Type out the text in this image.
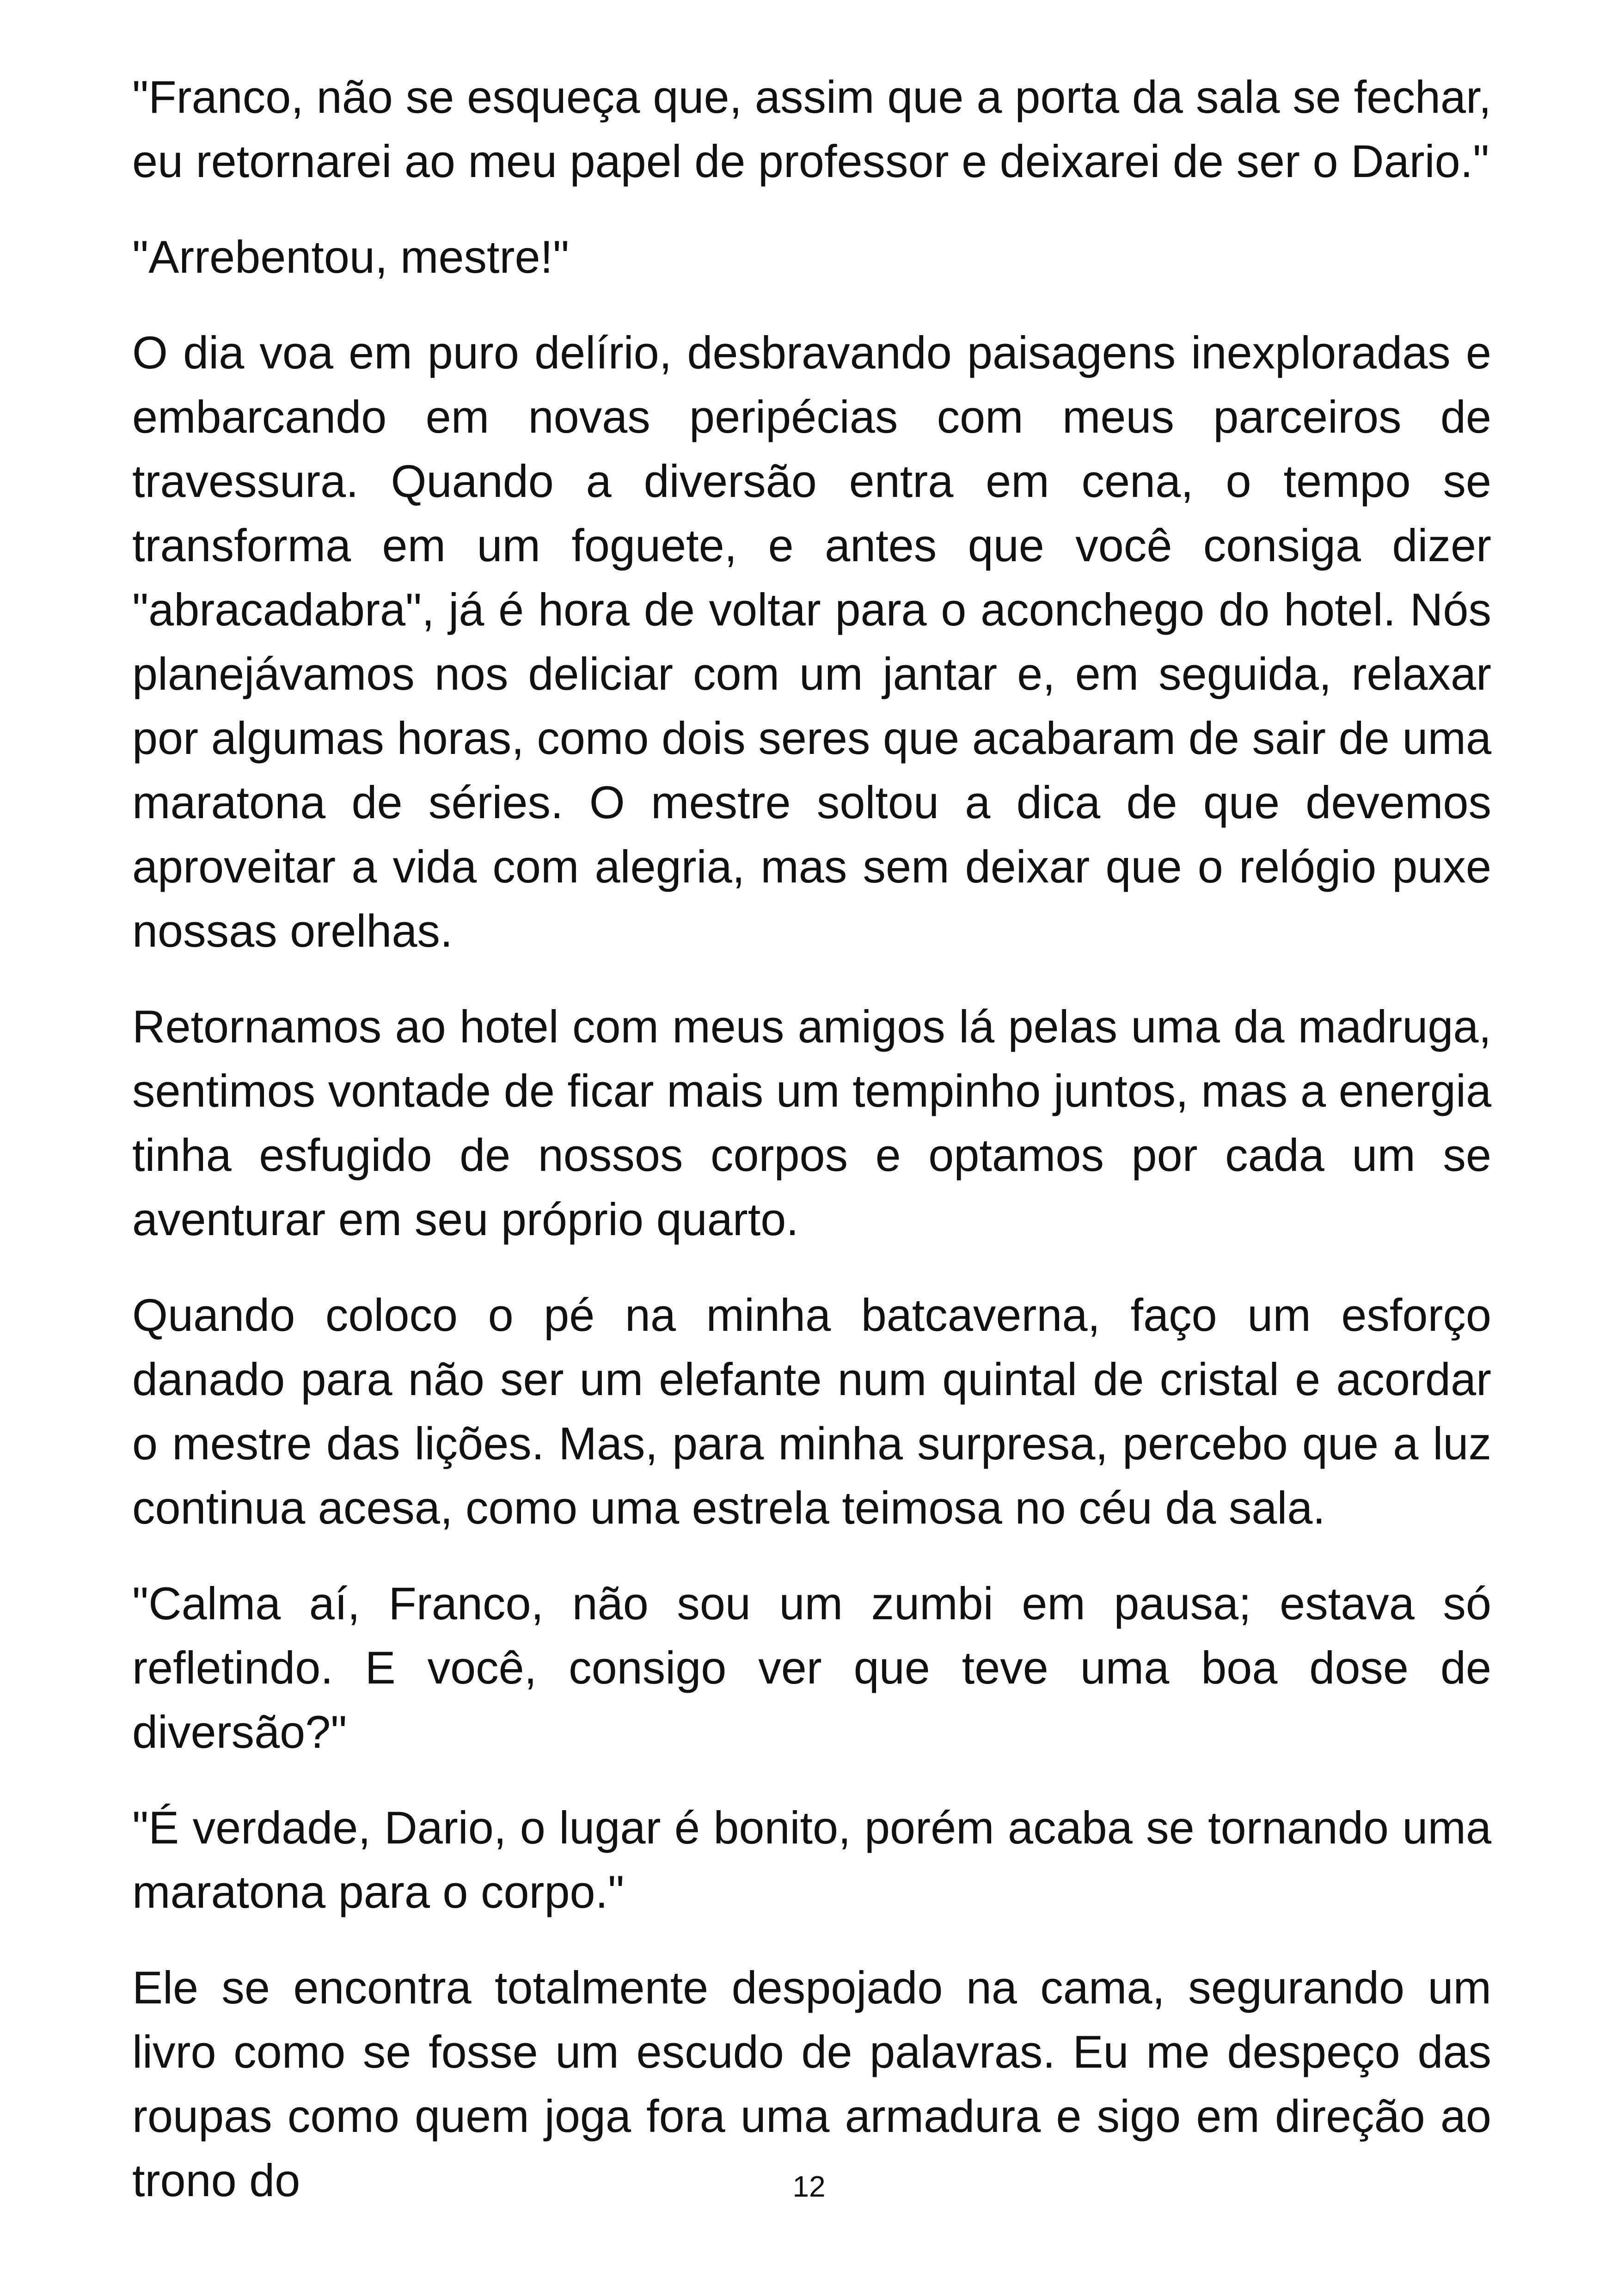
"Franco, não se esqueça que, assim que a porta da sala se fechar, eu retornarei ao meu papel de professor e deixarei de ser o Dario."

"Arrebentou, mestre!"

O dia voa em puro delírio, desbravando paisagens inexploradas e embarcando em novas peripécias com meus parceiros de travessura. Quando a diversão entra em cena, o tempo se transforma em um foguete, e antes que você consiga dizer "abracadabra", já é hora de voltar para o aconchego do hotel. Nós planejávamos nos deliciar com um jantar e, em seguida, relaxar por algumas horas, como dois seres que acabaram de sair de uma maratona de séries. O mestre soltou a dica de que devemos aproveitar a vida com alegria, mas sem deixar que o relógio puxe nossas orelhas.

Retornamos ao hotel com meus amigos lá pelas uma da madruga, sentimos vontade de ficar mais um tempinho juntos, mas a energia tinha esfugido de nossos corpos e optamos por cada um se aventurar em seu próprio quarto.

Quando coloco o pé na minha batcaverna, faço um esforço danado para não ser um elefante num quintal de cristal e acordar o mestre das lições. Mas, para minha surpresa, percebo que a luz continua acesa, como uma estrela teimosa no céu da sala.

"Calma aí, Franco, não sou um zumbi em pausa; estava só refletindo. E você, consigo ver que teve uma boa dose de diversão?"

"É verdade, Dario, o lugar é bonito, porém acaba se tornando uma maratona para o corpo."

Ele se encontra totalmente despojado na cama, segurando um livro como se fosse um escudo de palavras. Eu me despeço das roupas como quem joga fora uma armadura e sigo em direção ao trono do	12
